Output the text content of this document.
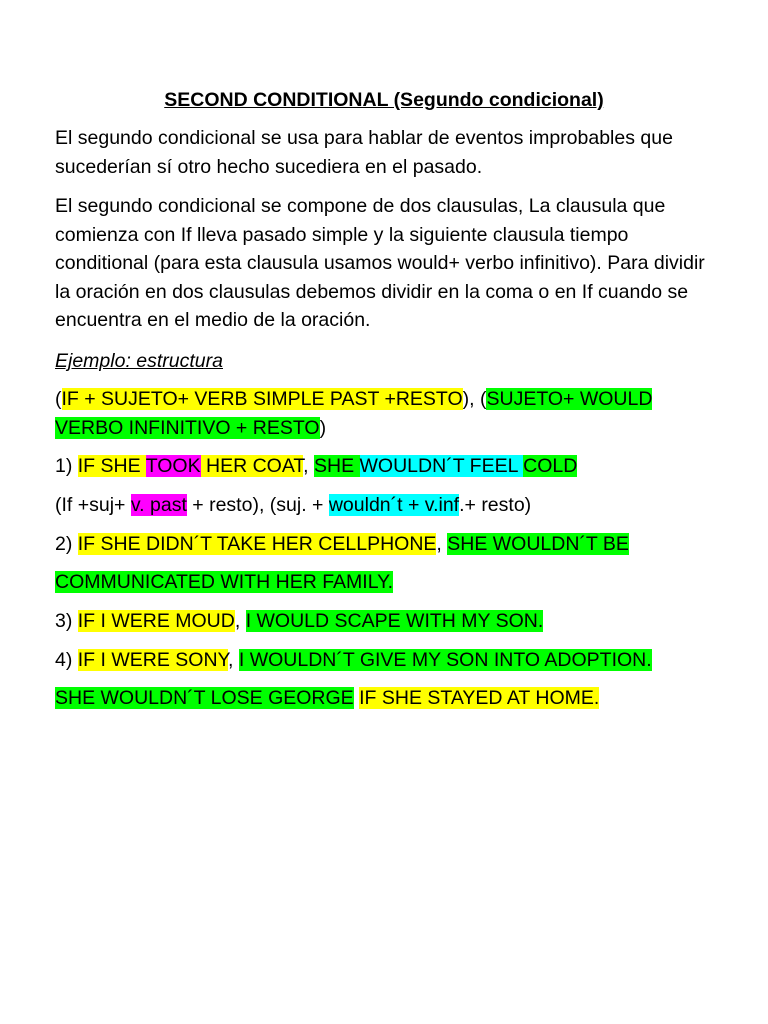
SECOND CONDITIONAL (Segundo condicional)
El segundo condicional se usa para hablar de eventos improbables que sucederían sí otro hecho sucediera en el pasado.
El segundo condicional se compone de dos clausulas, La clausula que comienza con If lleva pasado simple y la siguiente clausula tiempo conditional (para esta clausula usamos would+ verbo infinitivo). Para dividir la oración en dos clausulas debemos dividir en la coma o en If cuando se encuentra en el medio de la oración.
Ejemplo: estructura
(IF + SUJETO+ VERB SIMPLE PAST +RESTO), (SUJETO+ WOULD
VERBO INFINITIVO + RESTO)
1) IF SHE TOOK HER COAT, SHE WOULDN´T FEEL COLD
(If +suj+ v. past + resto), (suj. + wouldn´t + v.inf.+ resto)
2) IF SHE DIDN´T TAKE HER CELLPHONE, SHE WOULDN´T BE
COMMUNICATED WITH HER FAMILY.
3) IF I WERE MOUD, I WOULD SCAPE WITH MY SON.
4) IF I WERE SONY, I WOULDN´T GIVE MY SON INTO ADOPTION.
SHE WOULDN´T LOSE GEORGE IF SHE STAYED AT HOME.
